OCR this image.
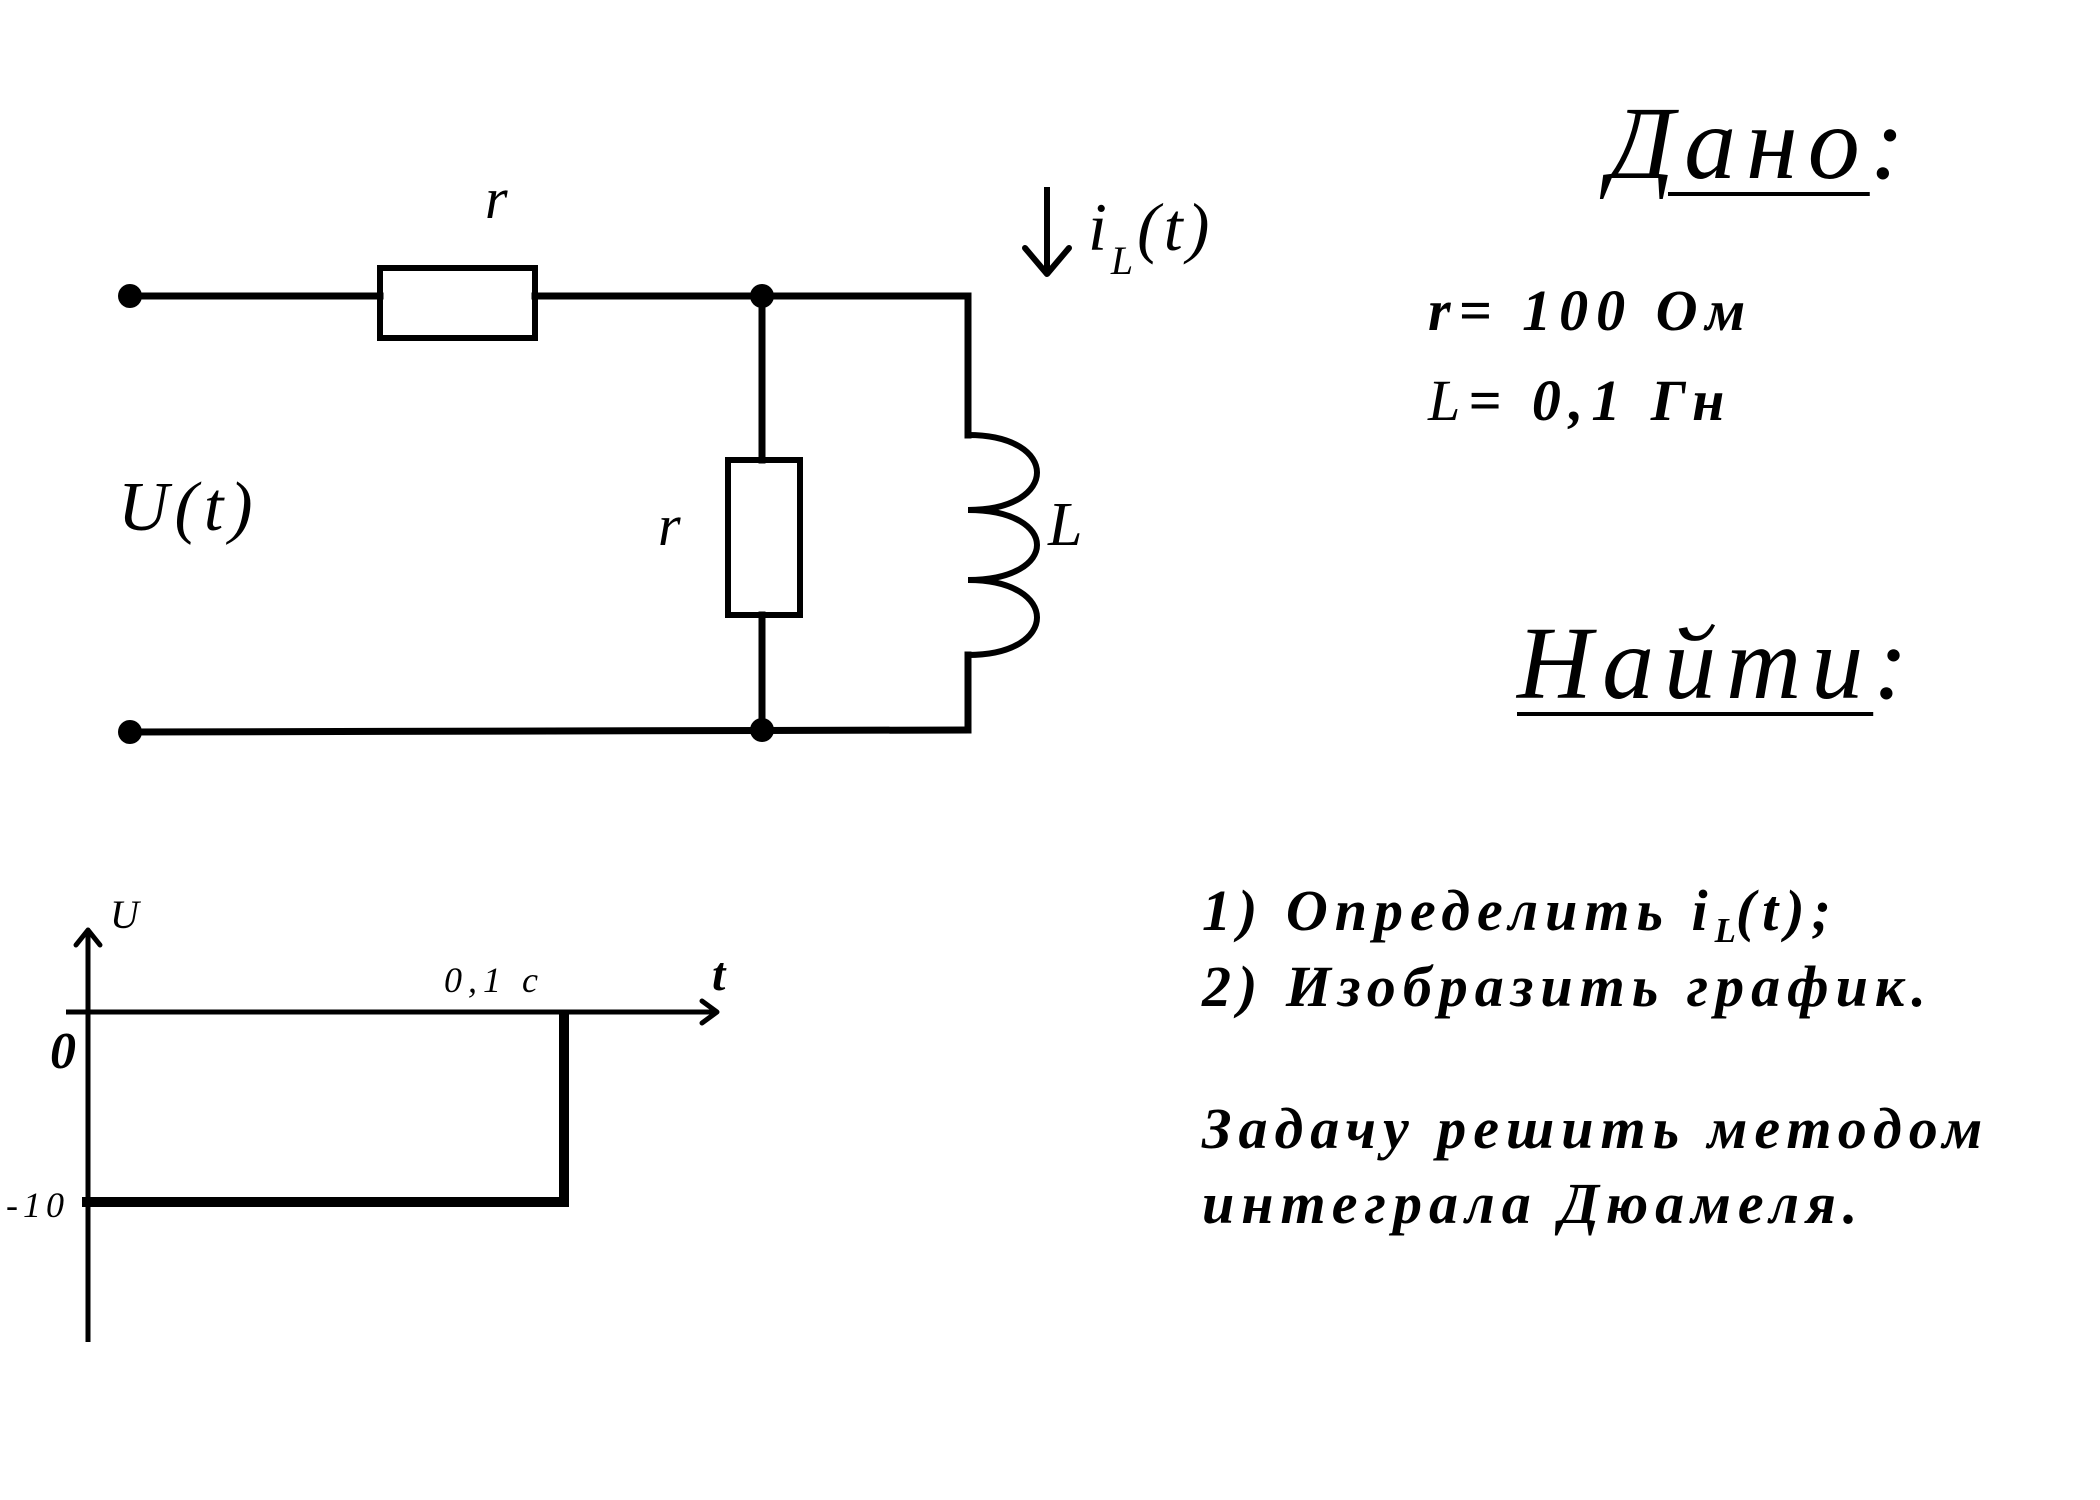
r
r	L
U(t)
$i_L(t)$
U
t
0
0,1 c
-10
Дано:
r= 100 Ом
L= 0,1 Гн
Найти:
1) Определить $i_L(t)$;
2) Изобразить график.
Задачу решить методом
интеграла Дюамеля.
